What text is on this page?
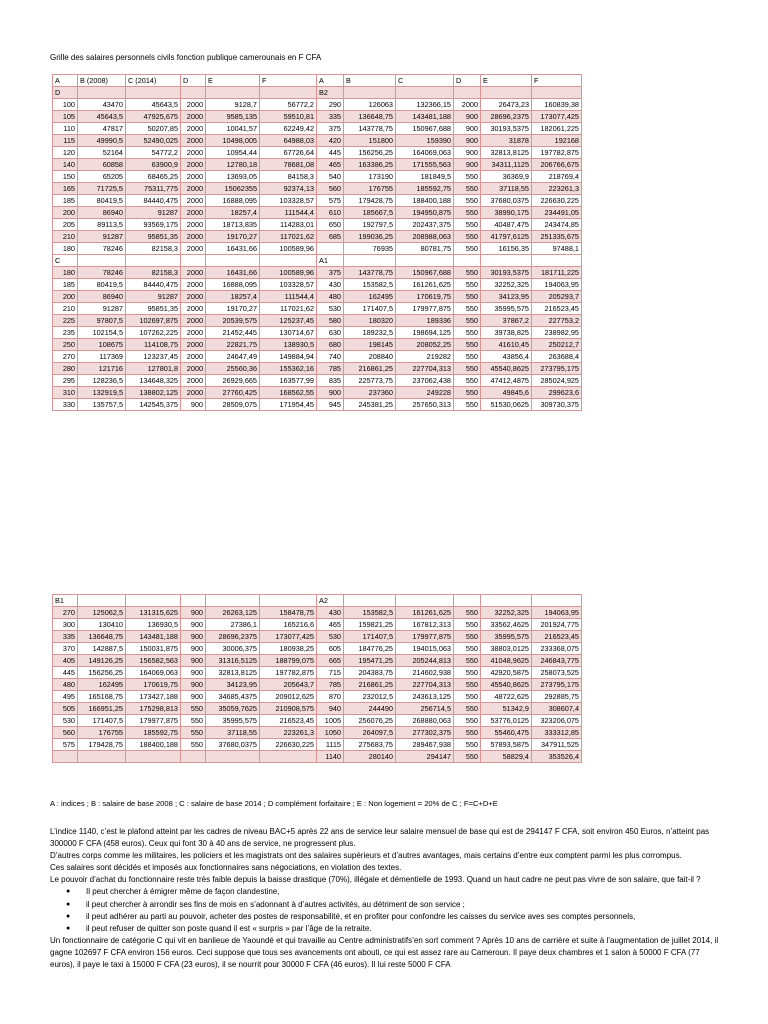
Grille des salaires personnels civils fonction publique camerounais en F CFA
A	B (2008)	C (2014)	D	E	F	A	B	C	D	E	F
D						B2					
100	43470	45643,5	2000	9128,7	56772,2	290	126063	132366,15	2000	26473,23	160839,38
105	45643,5	47925,675	2000	9585,135	59510,81	335	136648,75	143481,188	900	28696,2375	173077,425
110	47817	50207,85	2000	10041,57	62249,42	375	143778,75	150967,688	900	30193,5375	182061,225
115	49990,5	52490,025	2000	10498,005	64988,03	420	151800	159390	900	31878	192168
120	52164	54772,2	2000	10954,44	67726,64	445	156256,25	164069,063	900	32813,8125	197782,875
140	60858	63900,9	2000	12780,18	78681,08	465	163386,25	171555,563	900	34311,1125	206766,675
150	65205	68465,25	2000	13693,05	84158,3	540	173190	181849,5	550	36369,9	218769,4
165	71725,5	75311,775	2000	15062355	92374,13	560	176755	185592,75	550	37118,55	223261,3
185	80419,5	84440,475	2000	16888,095	103328,57	575	179428,75	188400,188	550	37680,0375	226630,225
200	86940	91287	2000	18257,4	111544,4	610	185667,5	194950,875	550	38990,175	234491,05
205	89113,5	93569,175	2000	18713,835	114283,01	650	192797,5	202437,375	550	40487,475	243474,85
210	91287	95851,35	2000	19170,27	117021,62	685	199036,25	208988,063	550	41797,6125	251335,675
180	78246	82158,3	2000	16431,66	100589,96		76935	80781,75	550	16156,35	97488,1
C						A1					
180	78246	82158,3	2000	16431,66	100589,96	375	143778,75	150967,688	550	30193,5375	181711,225
185	80419,5	84440,475	2000	16888,095	103328,57	430	153582,5	161261,625	550	32252,325	194063,95
200	86940	91287	2000	18257,4	111544,4	480	162495	170619,75	550	34123,95	205293,7
210	91287	95851,35	2000	19170,27	117021,62	530	171407,5	179977,875	550	35995,575	216523,45
225	97807,5	102697,875	2000	20539,575	125237,45	580	180320	189336	550	37867,2	227753,2
235	102154,5	107262,225	2000	21452,445	130714,67	630	189232,5	198694,125	550	39738,825	238982,95
250	108675	114108,75	2000	22821,75	138930,5	680	198145	208052,25	550	41610,45	250212,7
270	117369	123237,45	2000	24647,49	149884,94	740	208840	219282	550	43856,4	263688,4
280	121716	127801,8	2000	25560,36	155362,16	785	216861,25	227704,313	550	45540,8625	273795,175
295	128236,5	134648,325	2000	26929,665	163577,99	835	225773,75	237062,438	550	47412,4875	285024,925
310	132919,5	138802,125	2000	27760,425	168562,55	900	237360	249228	550	49845,6	299623,6
330	135757,5	142545,375	900	28509,075	171954,45	945	245381,25	257650,313	550	51530,0625	309730,375
B1						A2					
270	125062,5	131315,625	900	26263,125	158478,75	430	153582,5	161261,625	550	32252,325	194063,95
300	130410	136930,5	900	27386,1	165216,6	465	159821,25	167812,313	550	33562,4625	201924,775
335	136648,75	143481,188	900	28696,2375	173077,425	530	171407,5	179977,875	550	35995,575	216523,45
370	142887,5	150031,875	900	30006,375	180938,25	605	184776,25	194015,063	550	38803,0125	233368,075
405	149126,25	156582,563	900	31316,5125	188799,075	665	195471,25	205244,813	550	41048,9625	246843,775
445	156256,25	164069,063	900	32813,8125	197782,875	715	204383,75	214602,938	550	42920,5875	258073,525
480	162495	170619,75	900	34123,95	205643,7	785	216861,25	227704,313	550	45540,8625	273795,175
495	165168,75	173427,188	900	34685,4375	209012,625	870	232012,5	243613,125	550	48722,625	292885,75
505	166951,25	175298,813	550	35059,7625	210908,575	940	244490	256714,5	550	51342,9	308607,4
530	171407,5	179977,875	550	35995,575	216523,45	1005	256076,25	268880,063	550	53776,0125	323206,075
560	176755	185592,75	550	37118,55	223261,3	1050	264097,5	277302,375	550	55460,475	333312,85
575	179428,75	188400,188	550	37680,0375	226630,225	1115	275683,75	289467,938	550	57893,5875	347911,525
						1140	280140	294147	550	58829,4	353526,4
A : indices ; B : salaire de base 2008 ; C : salaire de base 2014 ; D complément forfaitaire ; E : Non logement = 20% de C ; F=C+D+E

L’indice 1140, c’est le plafond atteint par les cadres de niveau BAC+5 après 22 ans de service leur salaire mensuel de base qui est de 294147 F CFA, soit environ 450 Euros, n’atteint pas 300000 F CFA (458 euros). Ceux qui font 30 à 40 ans de service, ne progressent plus.

D’autres corps comme les militaires, les policiers et les magistrats ont des salaires supérieurs et d’autres avantages, mais certains d’entre eux comptent parmi les plus corrompus.

Ces salaires sont décidés et imposés aux fonctionnaires sans négociations, en violation des textes.

Le pouvoir d’achat du fonctionnaire reste très faible depuis la baisse drastique (70%), illégale et démentielle de 1993. Quand un haut cadre ne peut pas vivre de son salaire, que fait-il ?

● Il peut chercher à émigrer même de façon clandestine,
● il peut chercher à arrondir ses fins de mois en s’adonnant à d’autres activités, au détriment de son service ;
● il peut adhérer au parti au pouvoir, acheter des postes de responsabilité, et en profiter pour confondre les caisses du service aves ses comptes personnels,
● il peut refuser de quitter son poste quand il est « surpris » par l’âge de la retraite.

Un fonctionnaire de catégorie C qui vit en banlieue de Yaoundé et qui travaille au Centre administratifs’en sort comment ? Après 10 ans de carrière et suite à l’augmentation de juillet 2014, il gagne 102697 F CFA environ 156 euros. Ceci suppose que tous ses avancements ont abouti, ce qui est assez rare au Cameroun. Il paye deux chambres et 1 salon à 50000 F CFA (77 euros), il paye le taxi à 15000 F CFA (23 euros), il se nourrit pour 30000 F CFA (46 euros). Il lui reste 5000 F CFA
